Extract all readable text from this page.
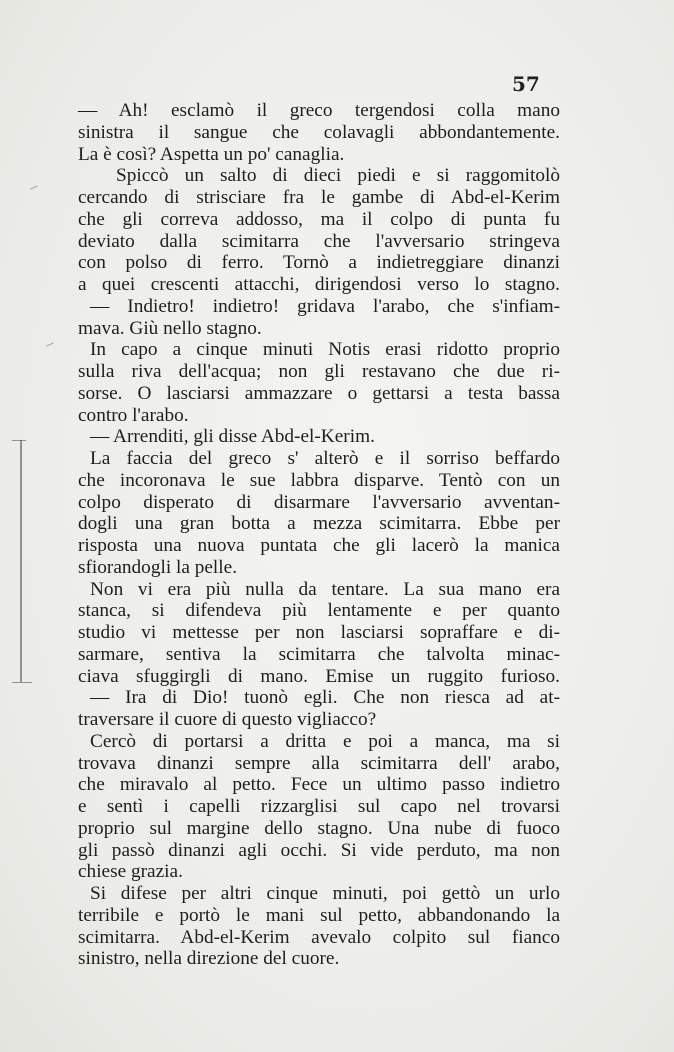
57
— Ah! esclamò il greco tergendosi colla mano
sinistra il sangue che colavagli abbondantemente.
La è così? Aspetta un po' canaglia.
Spiccò un salto di dieci piedi e si raggomitolò
cercando di strisciare fra le gambe di Abd-el-Kerim
che gli correva addosso, ma il colpo di punta fu
deviato dalla scimitarra che l'avversario stringeva
con polso di ferro. Tornò a indietreggiare dinanzi
a quei crescenti attacchi, dirigendosi verso lo stagno.
— Indietro! indietro! gridava l'arabo, che s'infiam-
mava. Giù nello stagno.
In capo a cinque minuti Notis erasi ridotto proprio
sulla riva dell'acqua; non gli restavano che due ri-
sorse. O lasciarsi ammazzare o gettarsi a testa bassa
contro l'arabo.
— Arrenditi, gli disse Abd-el-Kerim.
La faccia del greco s' alterò e il sorriso beffardo
che incoronava le sue labbra disparve. Tentò con un
colpo disperato di disarmare l'avversario avventan-
dogli una gran botta a mezza scimitarra. Ebbe per
risposta una nuova puntata che gli lacerò la manica
sfiorandogli la pelle.
Non vi era più nulla da tentare. La sua mano era
stanca, si difendeva più lentamente e per quanto
studio vi mettesse per non lasciarsi sopraffare e di-
sarmare, sentiva la scimitarra che talvolta minac-
ciava sfuggirgli di mano. Emise un ruggito furioso.
— Ira di Dio! tuonò egli. Che non riesca ad at-
traversare il cuore di questo vigliacco?
Cercò di portarsi a dritta e poi a manca, ma si
trovava dinanzi sempre alla scimitarra dell' arabo,
che miravalo al petto. Fece un ultimo passo indietro
e sentì i capelli rizzarglisi sul capo nel trovarsi
proprio sul margine dello stagno. Una nube di fuoco
gli passò dinanzi agli occhi. Si vide perduto, ma non
chiese grazia.
Si difese per altri cinque minuti, poi gettò un urlo
terribile e portò le mani sul petto, abbandonando la
scimitarra. Abd-el-Kerim avevalo colpito sul fianco
sinistro, nella direzione del cuore.
